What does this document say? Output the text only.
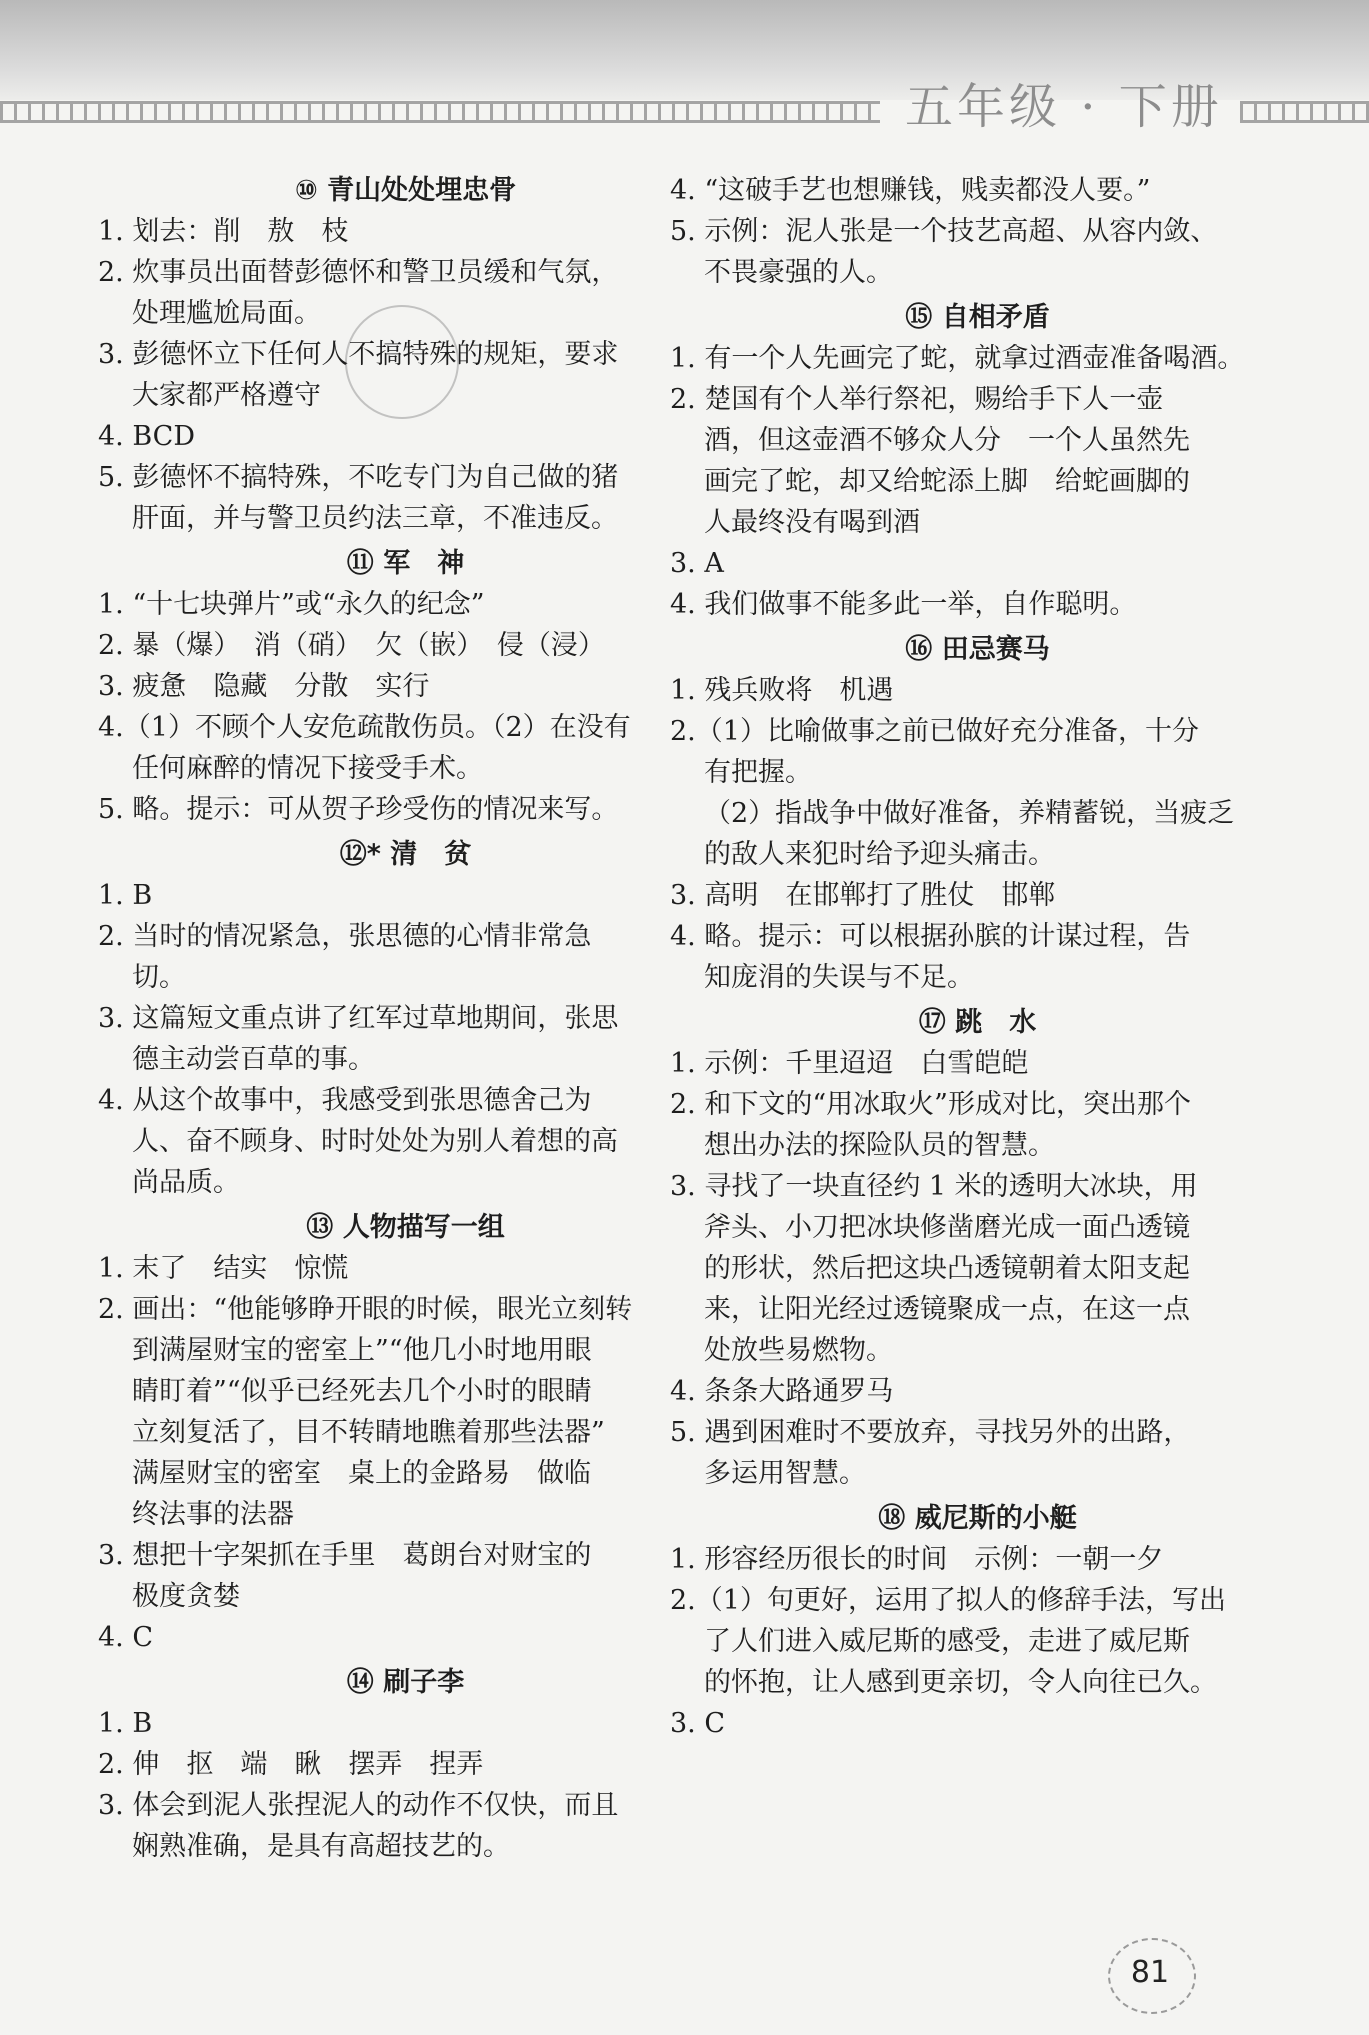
五年级 · 下册
⑩ 青山处处埋忠骨
1. 划去：削　敖　枝
2. 炊事员出面替彭德怀和警卫员缓和气氛，
处理尴尬局面。
3. 彭德怀立下任何人不搞特殊的规矩，要求
大家都严格遵守
4. BCD
5. 彭德怀不搞特殊，不吃专门为自己做的猪
肝面，并与警卫员约法三章，不准违反。
⑪ 军　神
1. “十七块弹片”或“永久的纪念”
2. 暴（爆）　消（硝）　欠（嵌）　侵（浸）
3. 疲惫　隐藏　分散　实行
4.（1）不顾个人安危疏散伤员。（2）在没有
任何麻醉的情况下接受手术。
5. 略。提示：可从贺子珍受伤的情况来写。
⑫* 清　贫
1. B
2. 当时的情况紧急，张思德的心情非常急
切。
3. 这篇短文重点讲了红军过草地期间，张思
德主动尝百草的事。
4. 从这个故事中，我感受到张思德舍己为
人、奋不顾身、时时处处为别人着想的高
尚品质。
⑬ 人物描写一组
1. 末了　结实　惊慌
2. 画出：“他能够睁开眼的时候，眼光立刻转
到满屋财宝的密室上”“他几小时地用眼
睛盯着”“似乎已经死去几个小时的眼睛
立刻复活了，目不转睛地瞧着那些法器”
满屋财宝的密室　桌上的金路易　做临
终法事的法器
3. 想把十字架抓在手里　葛朗台对财宝的
极度贪婪
4. C
⑭ 刷子李
1. B
2. 伸　抠　端　瞅　摆弄　捏弄
3. 体会到泥人张捏泥人的动作不仅快，而且
娴熟准确，是具有高超技艺的。
4. “这破手艺也想赚钱，贱卖都没人要。”
5. 示例：泥人张是一个技艺高超、从容内敛、
不畏豪强的人。
⑮ 自相矛盾
1. 有一个人先画完了蛇，就拿过酒壶准备喝酒。
2. 楚国有个人举行祭祀，赐给手下人一壶
酒，但这壶酒不够众人分　一个人虽然先
画完了蛇，却又给蛇添上脚　给蛇画脚的
人最终没有喝到酒
3. A
4. 我们做事不能多此一举，自作聪明。
⑯ 田忌赛马
1. 残兵败将　机遇
2.（1）比喻做事之前已做好充分准备，十分
有把握。
（2）指战争中做好准备，养精蓄锐，当疲乏
的敌人来犯时给予迎头痛击。
3. 高明　在邯郸打了胜仗　邯郸
4. 略。提示：可以根据孙膑的计谋过程，告
知庞涓的失误与不足。
⑰ 跳　水
1. 示例：千里迢迢　白雪皑皑
2. 和下文的“用冰取火”形成对比，突出那个
想出办法的探险队员的智慧。
3. 寻找了一块直径约 1 米的透明大冰块，用
斧头、小刀把冰块修凿磨光成一面凸透镜
的形状，然后把这块凸透镜朝着太阳支起
来，让阳光经过透镜聚成一点，在这一点
处放些易燃物。
4. 条条大路通罗马
5. 遇到困难时不要放弃，寻找另外的出路，
多运用智慧。
⑱ 威尼斯的小艇
1. 形容经历很长的时间　示例：一朝一夕
2.（1）句更好，运用了拟人的修辞手法，写出
了人们进入威尼斯的感受，走进了威尼斯
的怀抱，让人感到更亲切，令人向往已久。
3. C
81
